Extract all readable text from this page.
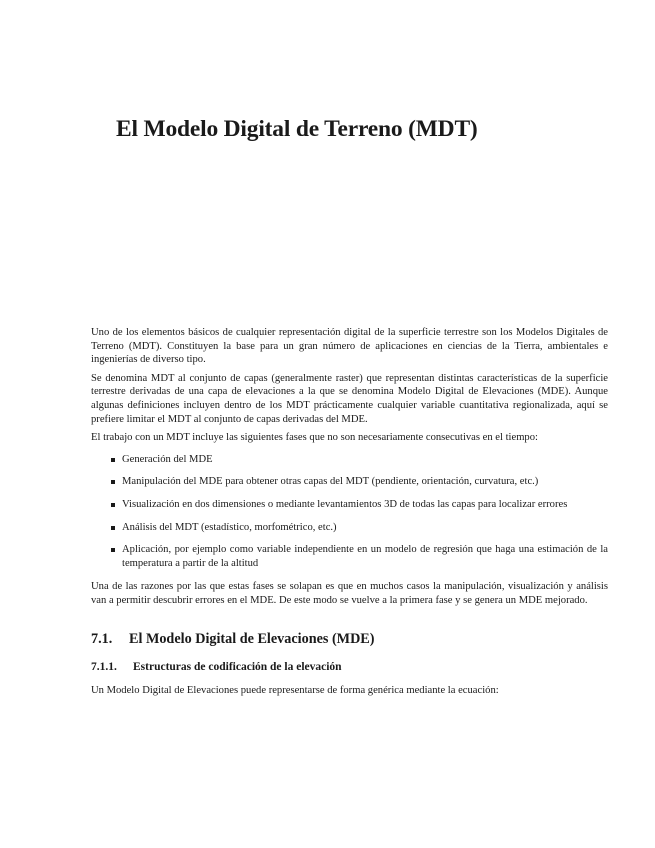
El Modelo Digital de Terreno (MDT)

Uno de los elementos básicos de cualquier representación digital de la superficie terrestre son los Modelos Digitales de Terreno (MDT). Constituyen la base para un gran número de aplicaciones en ciencias de la Tierra, ambientales e ingenierías de diverso tipo.

Se denomina MDT al conjunto de capas (generalmente raster) que representan distintas características de la superficie terrestre derivadas de una capa de elevaciones a la que se denomina Modelo Digital de Elevaciones (MDE). Aunque algunas definiciones incluyen dentro de los MDT prácticamente cualquier variable cuantitativa regionalizada, aquí se prefiere limitar el MDT al conjunto de capas derivadas del MDE.

El trabajo con un MDT incluye las siguientes fases que no son necesariamente consecutivas en el tiempo:

Generación del MDE
Manipulación del MDE para obtener otras capas del MDT (pendiente, orientación, curvatura, etc.)
Visualización en dos dimensiones o mediante levantamientos 3D de todas las capas para localizar errores
Análisis del MDT (estadístico, morfométrico, etc.)
Aplicación, por ejemplo como variable independiente en un modelo de regresión que haga una estimación de la temperatura a partir de la altitud

Una de las razones por las que estas fases se solapan es que en muchos casos la manipulación, visualización y análisis van a permitir descubrir errores en el MDE. De este modo se vuelve a la primera fase y se genera un MDE mejorado.

7.1. El Modelo Digital de Elevaciones (MDE)
7.1.1. Estructuras de codificación de la elevación

Un Modelo Digital de Elevaciones puede representarse de forma genérica mediante la ecuación:
